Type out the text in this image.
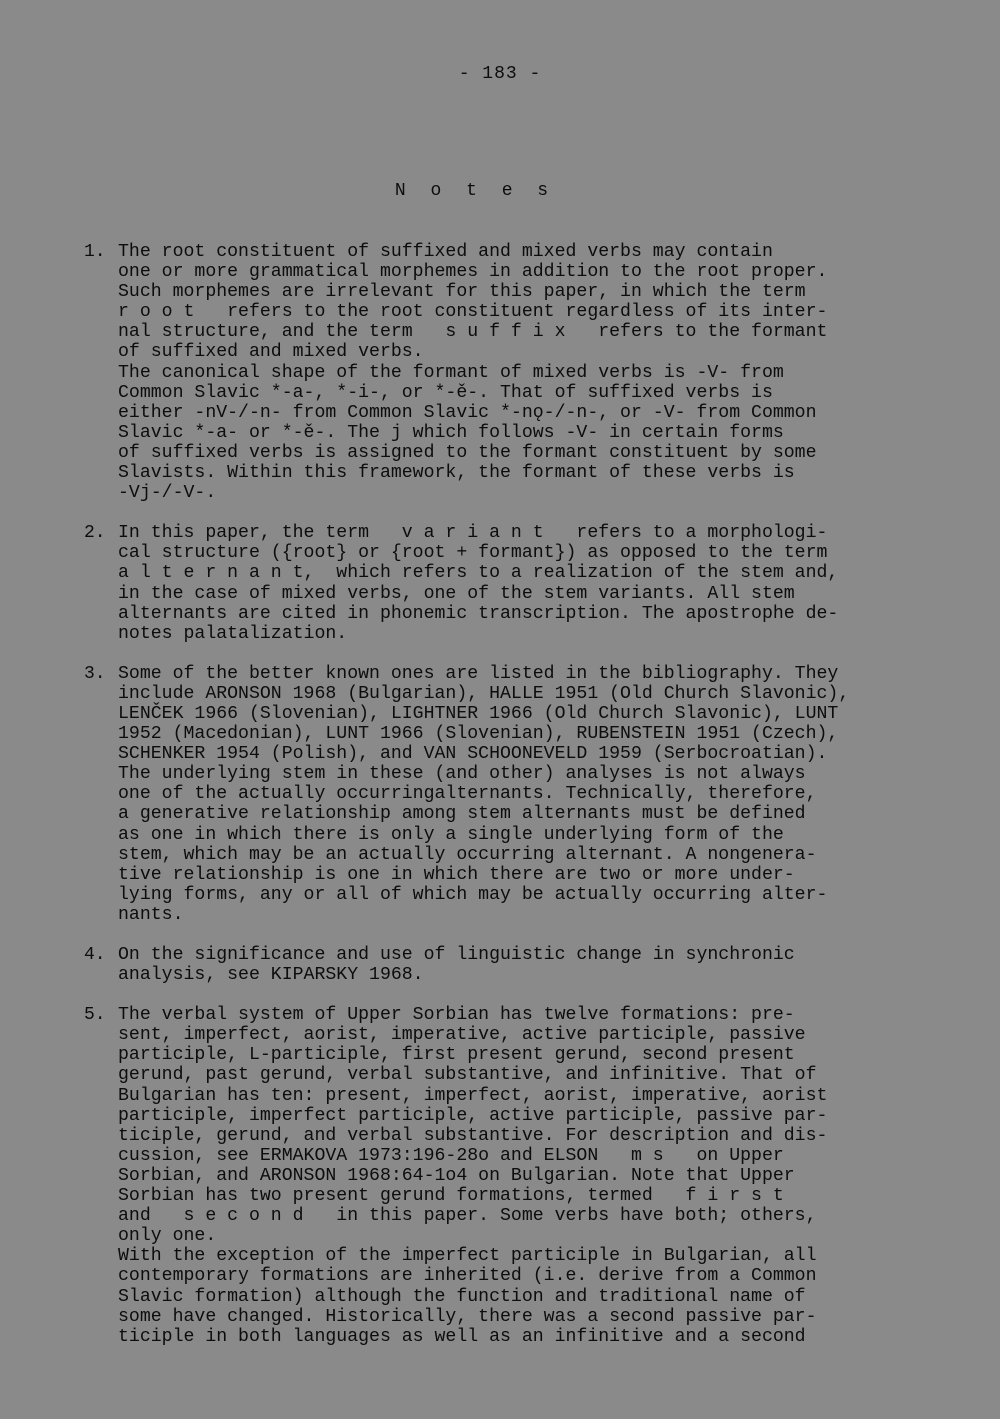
- 183 -
N o t e s
1. The root constituent of suffixed and mixed verbs may contain
one or more grammatical morphemes in addition to the root proper.
Such morphemes are irrelevant for this paper, in which the term
r o o t   refers to the root constituent regardless of its inter-
nal structure, and the term   s u f f i x   refers to the formant
of suffixed and mixed verbs.
The canonical shape of the formant of mixed verbs is -V- from
Common Slavic *-a-, *-i-, or *-ě-. That of suffixed verbs is
either -nV-/-n- from Common Slavic *-nǫ-/-n-, or -V- from Common
Slavic *-a- or *-ě-. The j which follows -V- in certain forms
of suffixed verbs is assigned to the formant constituent by some
Slavists. Within this framework, the formant of these verbs is
-Vj-/-V-.
2. In this paper, the term   v a r i a n t   refers to a morphologi-
cal structure ({root} or {root + formant}) as opposed to the term
a l t e r n a n t,  which refers to a realization of the stem and,
in the case of mixed verbs, one of the stem variants. All stem
alternants are cited in phonemic transcription. The apostrophe de-
notes palatalization.
3. Some of the better known ones are listed in the bibliography. They
include ARONSON 1968 (Bulgarian), HALLE 1951 (Old Church Slavonic),
LENČEK 1966 (Slovenian), LIGHTNER 1966 (Old Church Slavonic), LUNT
1952 (Macedonian), LUNT 1966 (Slovenian), RUBENSTEIN 1951 (Czech),
SCHENKER 1954 (Polish), and VAN SCHOONEVELD 1959 (Serbocroatian).
The underlying stem in these (and other) analyses is not always
one of the actually occurringalternants. Technically, therefore,
a generative relationship among stem alternants must be defined
as one in which there is only a single underlying form of the
stem, which may be an actually occurring alternant. A nongenera-
tive relationship is one in which there are two or more under-
lying forms, any or all of which may be actually occurring alter-
nants.
4. On the significance and use of linguistic change in synchronic
analysis, see KIPARSKY 1968.
5. The verbal system of Upper Sorbian has twelve formations: pre-
sent, imperfect, aorist, imperative, active participle, passive
participle, L-participle, first present gerund, second present
gerund, past gerund, verbal substantive, and infinitive. That of
Bulgarian has ten: present, imperfect, aorist, imperative, aorist
participle, imperfect participle, active participle, passive par-
ticiple, gerund, and verbal substantive. For description and dis-
cussion, see ERMAKOVA 1973:196-28o and ELSON   m s   on Upper
Sorbian, and ARONSON 1968:64-1o4 on Bulgarian. Note that Upper
Sorbian has two present gerund formations, termed   f i r s t
and   s e c o n d   in this paper. Some verbs have both; others,
only one.
With the exception of the imperfect participle in Bulgarian, all
contemporary formations are inherited (i.e. derive from a Common
Slavic formation) although the function and traditional name of
some have changed. Historically, there was a second passive par-
ticiple in both languages as well as an infinitive and a second
